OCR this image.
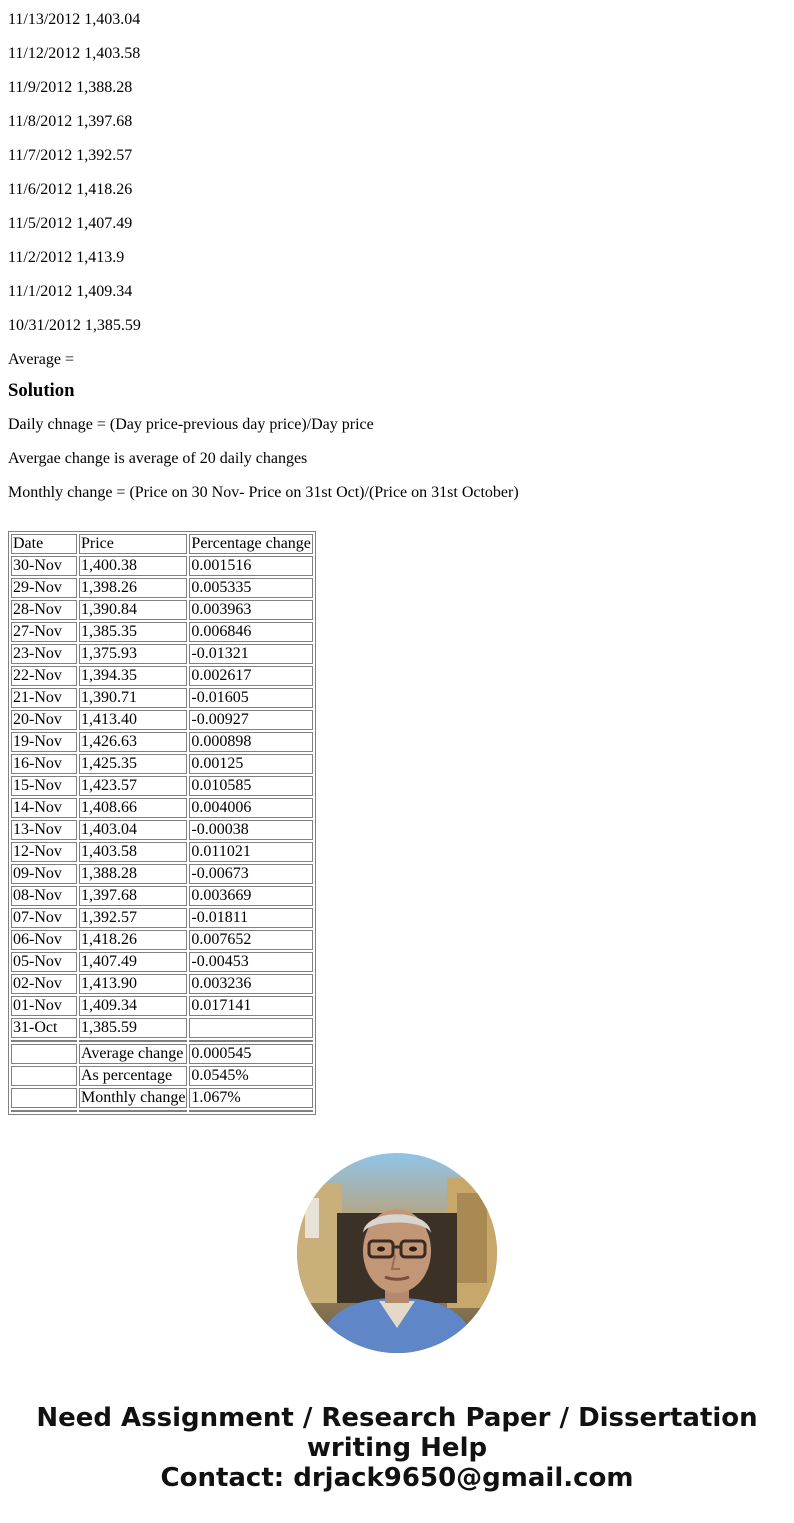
11/13/2012 1,403.04

11/12/2012 1,403.58

11/9/2012 1,388.28

11/8/2012 1,397.68

11/7/2012 1,392.57

11/6/2012 1,418.26

11/5/2012 1,407.49

11/2/2012 1,413.9

11/1/2012 1,409.34

10/31/2012 1,385.59

Average =

Solution

Daily chnage = (Day price-previous day price)/Day price

Avergae change is average of 20 daily changes

Monthly change = (Price on 30 Nov- Price on 31st Oct)/(Price on 31st October)

Date	Price	Percentage change
30-Nov	1,400.38	0.001516
29-Nov	1,398.26	0.005335
28-Nov	1,390.84	0.003963
27-Nov	1,385.35	0.006846
23-Nov	1,375.93	-0.01321
22-Nov	1,394.35	0.002617
21-Nov	1,390.71	-0.01605
20-Nov	1,413.40	-0.00927
19-Nov	1,426.63	0.000898
16-Nov	1,425.35	0.00125
15-Nov	1,423.57	0.010585
14-Nov	1,408.66	0.004006
13-Nov	1,403.04	-0.00038
12-Nov	1,403.58	0.011021
09-Nov	1,388.28	-0.00673
08-Nov	1,397.68	0.003669
07-Nov	1,392.57	-0.01811
06-Nov	1,418.26	0.007652
05-Nov	1,407.49	-0.00453
02-Nov	1,413.90	0.003236
01-Nov	1,409.34	0.017141
31-Oct	1,385.59	

	Average change	0.000545
	As percentage	0.0545%
	Monthly change	1.067%

Need Assignment / Research Paper / Dissertation
writing Help
Contact: drjack9650@gmail.com
